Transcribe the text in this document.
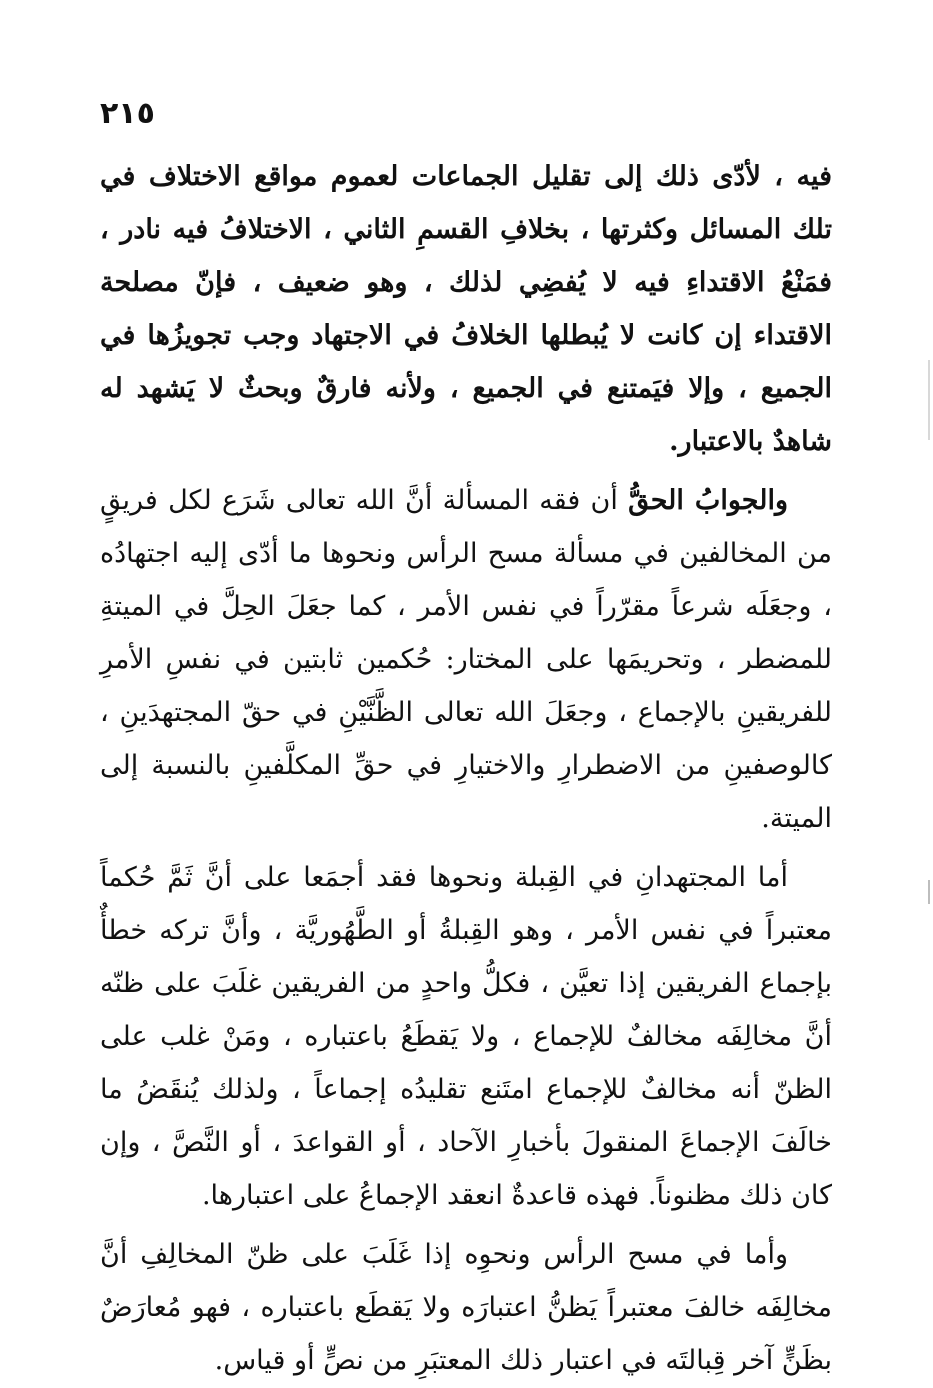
٢١٥

فيه ، لأدّى ذلك إلى تقليل الجماعات لعموم مواقع الاختلاف في تلك المسائل وكثرتها ، بخلافِ القسمِ الثاني ، الاختلافُ فيه نادر ، فمَنْعُ الاقتداءِ فيه لا يُفضِي لذلك ، وهو ضعيف ، فإنّ مصلحة الاقتداء إن كانت لا يُبطلها الخلافُ في الاجتهاد وجب تجويزُها في الجميع ، وإلا فيَمتنع في الجميع ، ولأنه فارقٌ وبحثٌ لا يَشهد له شاهدٌ بالاعتبار.

والجوابُ الحقُّ أن فقه المسألة أنَّ الله تعالى شَرَع لكل فريقٍ من المخالفين في مسألة مسح الرأس ونحوها ما أدّى إليه اجتهادُه ، وجعَلَه شرعاً مقرّراً في نفس الأمر ، كما جعَلَ الحِلَّ في الميتةِ للمضطر ، وتحريمَها على المختار: حُكمين ثابتين في نفسِ الأمرِ للفريقينِ بالإجماع ، وجعَلَ الله تعالى الظَّنَّيْنِ في حقّ المجتهدَينِ ، كالوصفينِ من الاضطرارِ والاختيارِ في حقِّ المكلَّفينِ بالنسبة إلى الميتة.

أما المجتهدانِ في القِبلة ونحوها فقد أجمَعا على أنَّ ثَمَّ حُكماً معتبراً في نفس الأمر ، وهو القِبلةُ أو الطَّهُوريَّة ، وأنَّ تركه خطأٌ بإجماع الفريقين إذا تعيَّن ، فكلُّ واحدٍ من الفريقين غلَبَ على ظنّه أنَّ مخالِفَه مخالفٌ للإجماع ، ولا يَقطَعُ باعتباره ، ومَنْ غلب على الظنّ أنه مخالفٌ للإجماع امتَنع تقليدُه إجماعاً ، ولذلك يُنقَضُ ما خالَفَ الإجماعَ المنقولَ بأخبارِ الآحاد ، أو القواعدَ ، أو النَّصَّ ، وإن كان ذلك مظنوناً. فهذه قاعدةٌ انعقد الإجماعُ على اعتبارها.

وأما في مسح الرأس ونحوِه إذا غَلَبَ على ظنّ المخالِفِ أنَّ مخالِفَه خالفَ معتبراً يَظنُّ اعتبارَه ولا يَقطَع باعتباره ، فهو مُعارَضٌ بظَنٍّ آخر قِبالتَه في اعتبار ذلك المعتبَرِ من نصٍّ أو قياس.
